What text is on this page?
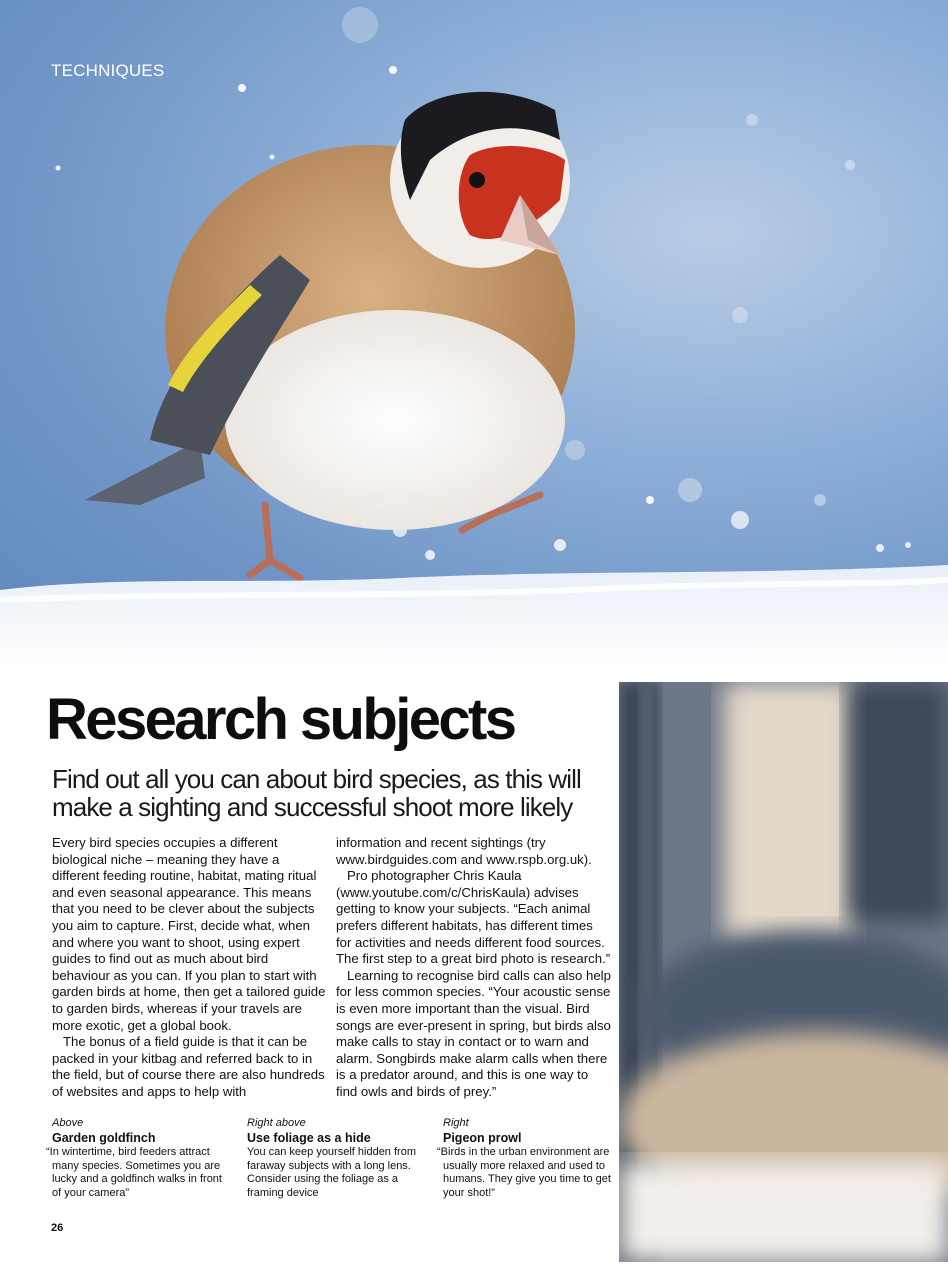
TECHNIQUES
Research subjects
Find out all you can about bird species, as this will make a sighting and successful shoot more likely

Every bird species occupies a different biological niche – meaning they have a different feeding routine, habitat, mating ritual and even seasonal appearance. This means that you need to be clever about the subjects you aim to capture. First, decide what, when and where you want to shoot, using expert guides to find out as much about bird behaviour as you can. If you plan to start with garden birds at home, then get a tailored guide to garden birds, whereas if your travels are more exotic, get a global book.

The bonus of a field guide is that it can be packed in your kitbag and referred back to in the field, but of course there are also hundreds of websites and apps to help with

information and recent sightings (try www.birdguides.com and www.rspb.org.uk).

Pro photographer Chris Kaula (www.youtube.com/c/ChrisKaula) advises getting to know your subjects. “Each animal prefers different habitats, has different times for activities and needs different food sources. The first step to a great bird photo is research.”

Learning to recognise bird calls can also help for less common species. “Your acoustic sense is even more important than the visual. Bird songs are ever-present in spring, but birds also make calls to stay in contact or to warn and alarm. Songbirds make alarm calls when there is a predator around, and this is one way to find owls and birds of prey.”

Above
Garden goldfinch
“In wintertime, bird feeders attract many species. Sometimes you are lucky and a goldfinch walks in front of your camera”
Right above
Use foliage as a hide
You can keep yourself hidden from faraway subjects with a long lens. Consider using the foliage as a framing device
Right
Pigeon prowl
“Birds in the urban environment are usually more relaxed and used to humans. They give you time to get your shot!”
26
